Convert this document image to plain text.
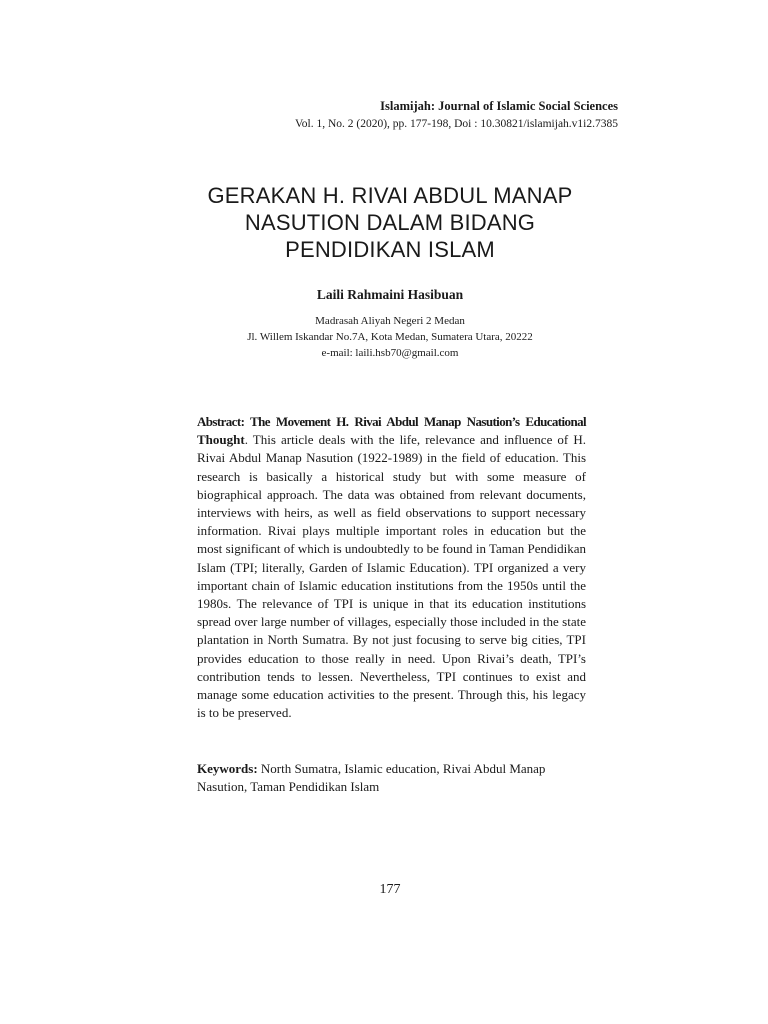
Islamijah: Journal of Islamic Social Sciences
Vol. 1, No. 2 (2020), pp. 177-198, Doi : 10.30821/islamijah.v1i2.7385
GERAKAN H. RIVAI ABDUL MANAP
NASUTION DALAM BIDANG
PENDIDIKAN ISLAM
Laili Rahmaini Hasibuan
Madrasah Aliyah Negeri 2 Medan
Jl. Willem Iskandar No.7A, Kota Medan, Sumatera Utara, 20222
e-mail: laili.hsb70@gmail.com
Abstract: The Movement H. Rivai Abdul Manap Nasution’s Educational Thought. This article deals with the life, relevance and influence of H. Rivai Abdul Manap Nasution (1922-1989) in the field of education. This research is basically a historical study but with some measure of biographical approach. The data was obtained from relevant documents, interviews with heirs, as well as field observations to support necessary information. Rivai plays multiple important roles in education but the most significant of which is undoubtedly to be found in Taman Pendidikan Islam (TPI; literally, Garden of Islamic Education). TPI organized a very important chain of Islamic education institutions from the 1950s until the 1980s. The relevance of TPI is unique in that its education institutions spread over large number of villages, especially those included in the state plantation in North Sumatra. By not just focusing to serve big cities, TPI provides education to those really in need. Upon Rivai’s death, TPI’s contribution tends to lessen. Nevertheless, TPI continues to exist and manage some education activities to the present. Through this, his legacy is to be preserved.
Keywords: North Sumatra, Islamic education, Rivai Abdul Manap Nasution, Taman Pendidikan Islam
177
